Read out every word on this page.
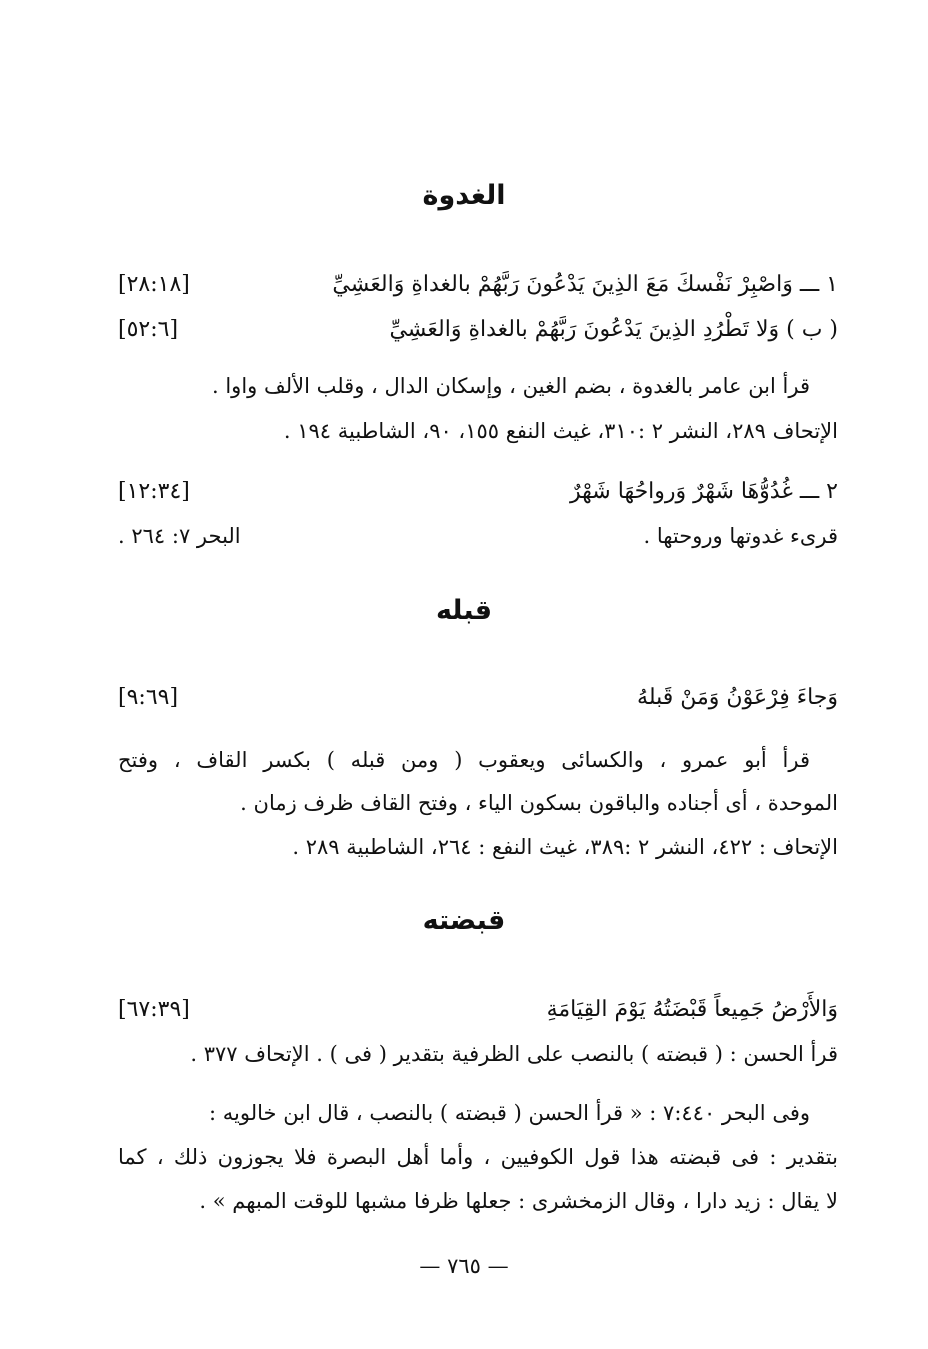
الغدوة
١ ـــ وَاصْبِرْ نَفْسكَ مَعَ الذِينَ يَدْعُونَ رَبَّهُمْ بالغداةِ وَالعَشِيِّ
[٢٨:١٨]
( ب ) وَلا تَطْرُدِ الذِينَ يَدْعُونَ رَبَّهُمْ بالغداةِ وَالعَشِيِّ
[٥٢:٦]
قرأ ابن عامر بالغدوة ، بضم الغين ، وإسكان الدال ، وقلب الألف واوا .
الإتحاف ٢٨٩، النشر ٢ :٣١٠، غيث النفع ١٥٥، ٩٠، الشاطبية ١٩٤ .
٢ ـــ غُدُوُّهَا شَهْرٌ وَرواحُهَا شَهْرٌ
[١٢:٣٤]
قرىء غدوتها وروحتها .
البحر ٧: ٢٦٤ .
قبله
وَجاءَ فِرْعَوْنُ وَمَنْ قَبلهُ
[٩:٦٩]
قرأ أبو عمرو ، والكسائى ويعقوب ( ومن قبله ) بكسر القاف ، وفتح
الموحدة ، أى أجناده والباقون بسكون الياء ، وفتح القاف ظرف زمان .
الإتحاف : ٤٢٢، النشر ٢ :٣٨٩، غيث النفع : ٢٦٤، الشاطبية ٢٨٩ .
قبضته
وَالأَرْضُ جَمِيعاً قَبْضَتُهُ يَوْمَ القِيَامَةِ
[٦٧:٣٩]
قرأ الحسن : ( قبضته ) بالنصب على الظرفية بتقدير ( فى ) . الإتحاف ٣٧٧ .
وفى البحر ٧:٤٤٠ : « قرأ الحسن ( قبضته ) بالنصب ، قال ابن خالويه :
بتقدير : فى قبضته هذا قول الكوفيين ، وأما أهل البصرة فلا يجوزون ذلك ، كما
لا يقال : زيد دارا ، وقال الزمخشرى : جعلها ظرفا مشبها للوقت المبهم » .
— ٧٦٥ —
